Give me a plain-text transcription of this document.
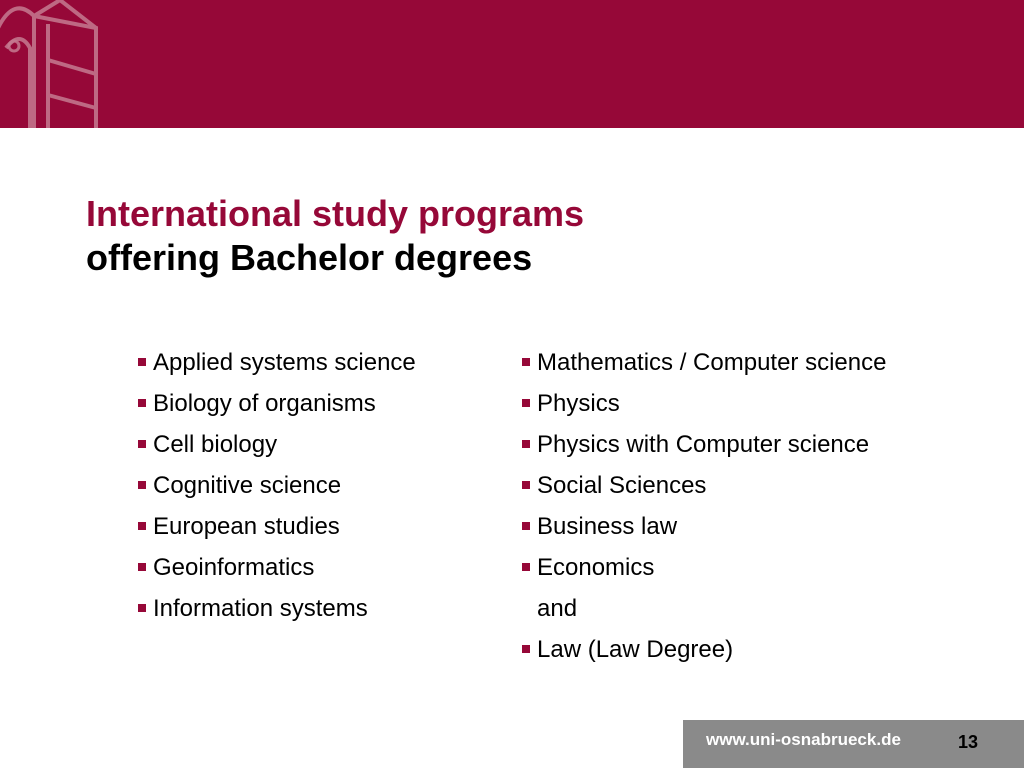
International study programs
offering Bachelor degrees
Applied systems science
Biology of organisms
Cell biology
Cognitive science
European studies
Geoinformatics
Information systems
Mathematics / Computer science
Physics
Physics with Computer science
Social Sciences
Business law
Economics
and
Law (Law Degree)
www.uni-osnabrueck.de	13
